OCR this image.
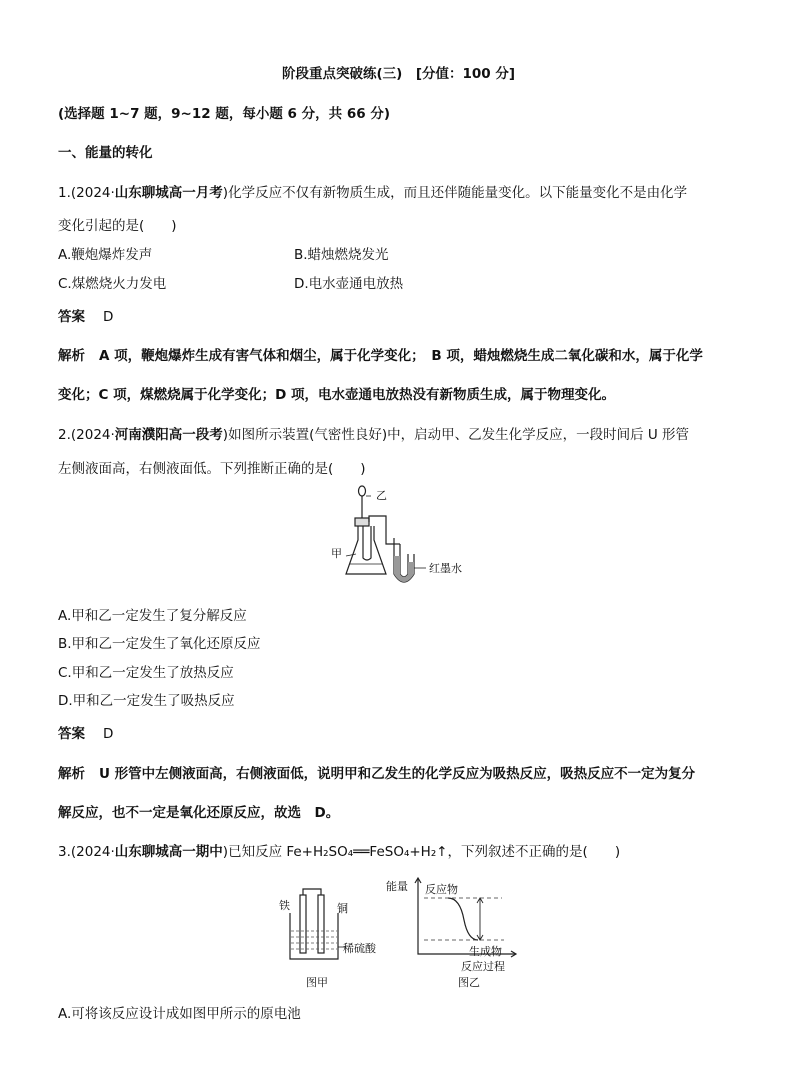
阶段重点突破练(三)　[分值：100 分]
(选择题 1~7 题，9~12 题，每小题 6 分，共 66 分)
一、能量的转化
1.(2024·山东聊城高一月考)化学反应不仅有新物质生成，而且还伴随能量变化。以下能量变化不是由化学
变化引起的是(　　)
A.鞭炮爆炸发声	B.蜡烛燃烧发光
C.煤燃烧火力发电	D.电水壶通电放热
答案 D
解析 A 项，鞭炮爆炸生成有害气体和烟尘，属于化学变化；　B 项，蜡烛燃烧生成二氧化碳和水，属于化学
变化；C 项，煤燃烧属于化学变化；D 项，电水壶通电放热没有新物质生成，属于物理变化。
2.(2024·河南濮阳高一段考)如图所示装置(气密性良好)中，启动甲、乙发生化学反应，一段时间后 U 形管
左侧液面高，右侧液面低。下列推断正确的是(　　)
乙
甲
红墨水
A.甲和乙一定发生了复分解反应
B.甲和乙一定发生了氧化还原反应
C.甲和乙一定发生了放热反应
D.甲和乙一定发生了吸热反应
答案 D
解析 U 形管中左侧液面高，右侧液面低，说明甲和乙发生的化学反应为吸热反应，吸热反应不一定为复分
解反应，也不一定是氧化还原反应，故选　D。
3.(2024·山东聊城高一期中)已知反应 Fe+H₂SO₄══FeSO₄+H₂↑，下列叙述不正确的是(　　)
铁	铜
稀硫酸
图甲
能量 反应物
生成物
反应过程
图乙
A.可将该反应设计成如图甲所示的原电池
